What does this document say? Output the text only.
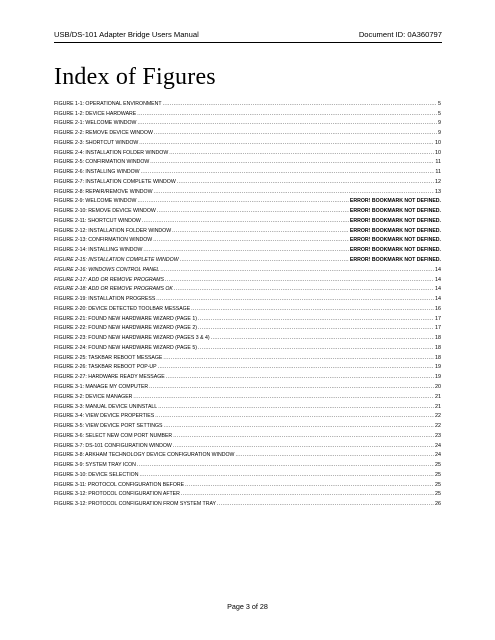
USB/DS-101 Adapter Bridge Users Manual	Document ID: 0A360797
Index of Figures
FIGURE 1-1: OPERATIONAL ENVIRONMENT .....	5
FIGURE 1-2: DEVICE HARDWARE .....	5
FIGURE 2-1: WELCOME WINDOW .....	9
FIGURE 2-2: REMOVE DEVICE WINDOW .....	9
FIGURE 2-3: SHORTCUT WINDOW .....	10
FIGURE 2-4: INSTALLATION FOLDER WINDOW .....	10
FIGURE 2-5: CONFIRMATION WINDOW .....	11
FIGURE 2-6: INSTALLING WINDOW .....	11
FIGURE 2-7: INSTALLATION COMPLETE WINDOW .....	12
FIGURE 2-8: REPAIR/REMOVE WINDOW .....	13
FIGURE 2-9: WELCOME WINDOW .....	ERROR! BOOKMARK NOT DEFINED.
FIGURE 2-10: REMOVE DEVICE WINDOW .....	ERROR! BOOKMARK NOT DEFINED.
FIGURE 2-11: SHORTCUT WINDOW .....	ERROR! BOOKMARK NOT DEFINED.
FIGURE 2-12: INSTALLATION FOLDER WINDOW .....	ERROR! BOOKMARK NOT DEFINED.
FIGURE 2-13: CONFIRMATION WINDOW .....	ERROR! BOOKMARK NOT DEFINED.
FIGURE 2-14: INSTALLING WINDOW .....	ERROR! BOOKMARK NOT DEFINED.
FIGURE 2-15: INSTALLATION COMPLETE WINDOW .....	ERROR! BOOKMARK NOT DEFINED.
FIGURE 2-16: WINDOWS CONTROL PANEL .....	14
FIGURE 2-17: ADD OR REMOVE PROGRAMS .....	14
FIGURE 2-18: ADD OR REMOVE PROGRAMS OK .....	14
FIGURE 2-19: INSTALLATION PROGRESS .....	14
FIGURE 2-20: DEVICE DETECTED TOOLBAR MESSAGE .....	16
FIGURE 2-21: FOUND NEW HARDWARE WIZARD (PAGE 1) .....	17
FIGURE 2-22: FOUND NEW HARDWARE WIZARD (PAGE 2) .....	17
FIGURE 2-23: FOUND NEW HARDWARE WIZARD (PAGES 3 & 4) .....	18
FIGURE 2-24: FOUND NEW HARDWARE WIZARD (PAGE 5) .....	18
FIGURE 2-25: TASKBAR REBOOT MESSAGE .....	18
FIGURE 2-26: TASKBAR REBOOT POP-UP .....	19
FIGURE 2-27: HARDWARE READY MESSAGE .....	19
FIGURE 3-1: MANAGE MY COMPUTER .....	20
FIGURE 3-2: DEVICE MANAGER .....	21
FIGURE 3-3: MANUAL DEVICE UNINSTALL .....	21
FIGURE 3-4: VIEW DEVICE PROPERTIES .....	22
FIGURE 3-5: VIEW DEVICE PORT SETTINGS .....	22
FIGURE 3-6: SELECT NEW COM PORT NUMBER .....	23
FIGURE 3-7: DS-101 CONFIGURATION WINDOW .....	24
FIGURE 3-8: ARKHAM TECHNOLOGY DEVICE CONFIGURATION WINDOW .....	24
FIGURE 3-9: SYSTEM TRAY ICON .....	25
FIGURE 3-10: DEVICE SELECTION .....	25
FIGURE 3-11: PROTOCOL CONFIGURATION BEFORE .....	25
FIGURE 3-12: PROTOCOL CONFIGURATION AFTER .....	25
FIGURE 3-12: PROTOCOL CONFIGURATION FROM SYSTEM TRAY .....	26
Page 3 of 28
